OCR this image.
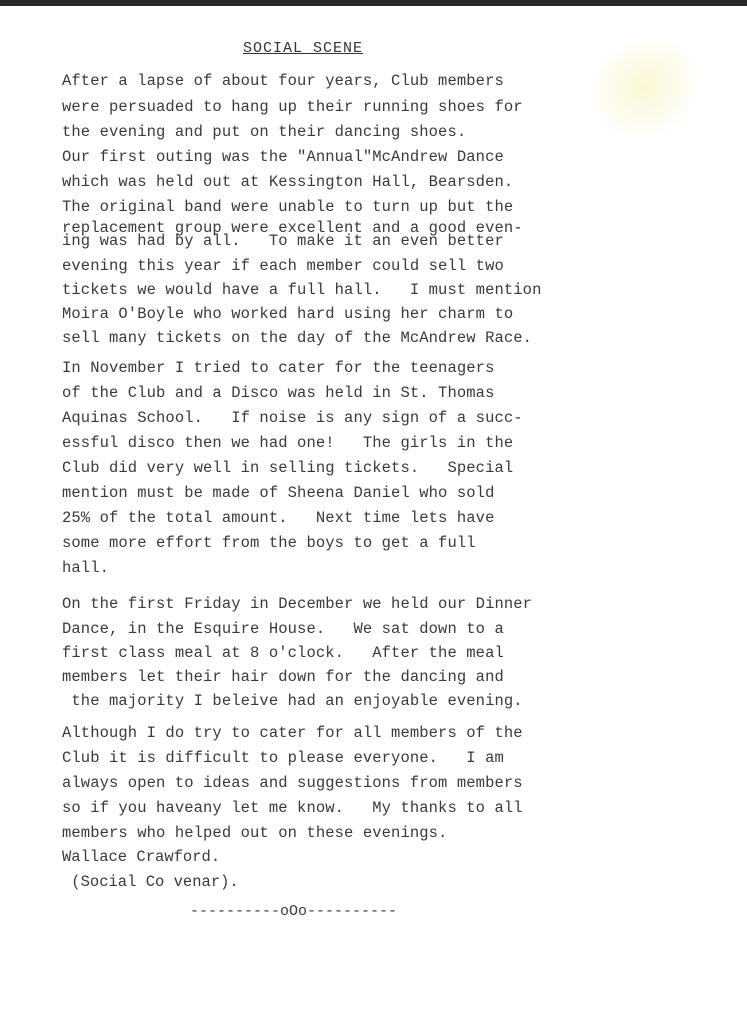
SOCIAL SCENE
After a lapse of about four years, Club members
were persuaded to hang up their running shoes for
the evening and put on their dancing shoes.
Our first outing was the "Annual"McAndrew Dance
which was held out at Kessington Hall, Bearsden.
The original band were unable to turn up but the
replacement group were excellent and a good even-
ing was had by all.   To make it an even better
evening this year if each member could sell two
tickets we would have a full hall.   I must mention
Moira O'Boyle who worked hard using her charm to
sell many tickets on the day of the McAndrew Race.
In November I tried to cater for the teenagers
of the Club and a Disco was held in St. Thomas
Aquinas School.   If noise is any sign of a succ-
essful disco then we had one!   The girls in the
Club did very well in selling tickets.   Special
mention must be made of Sheena Daniel who sold
25% of the total amount.   Next time lets have
some more effort from the boys to get a full
hall.
On the first Friday in December we held our Dinner
Dance, in the Esquire House.   We sat down to a
first class meal at 8 o'clock.   After the meal
members let their hair down for the dancing and
the majority I beleive had an enjoyable evening.
Although I do try to cater for all members of the
Club it is difficult to please everyone.   I am
always open to ideas and suggestions from members
so if you haveany let me know.   My thanks to all
members who helped out on these evenings.
Wallace Crawford.
(Social Co venar).
----------oOo----------
